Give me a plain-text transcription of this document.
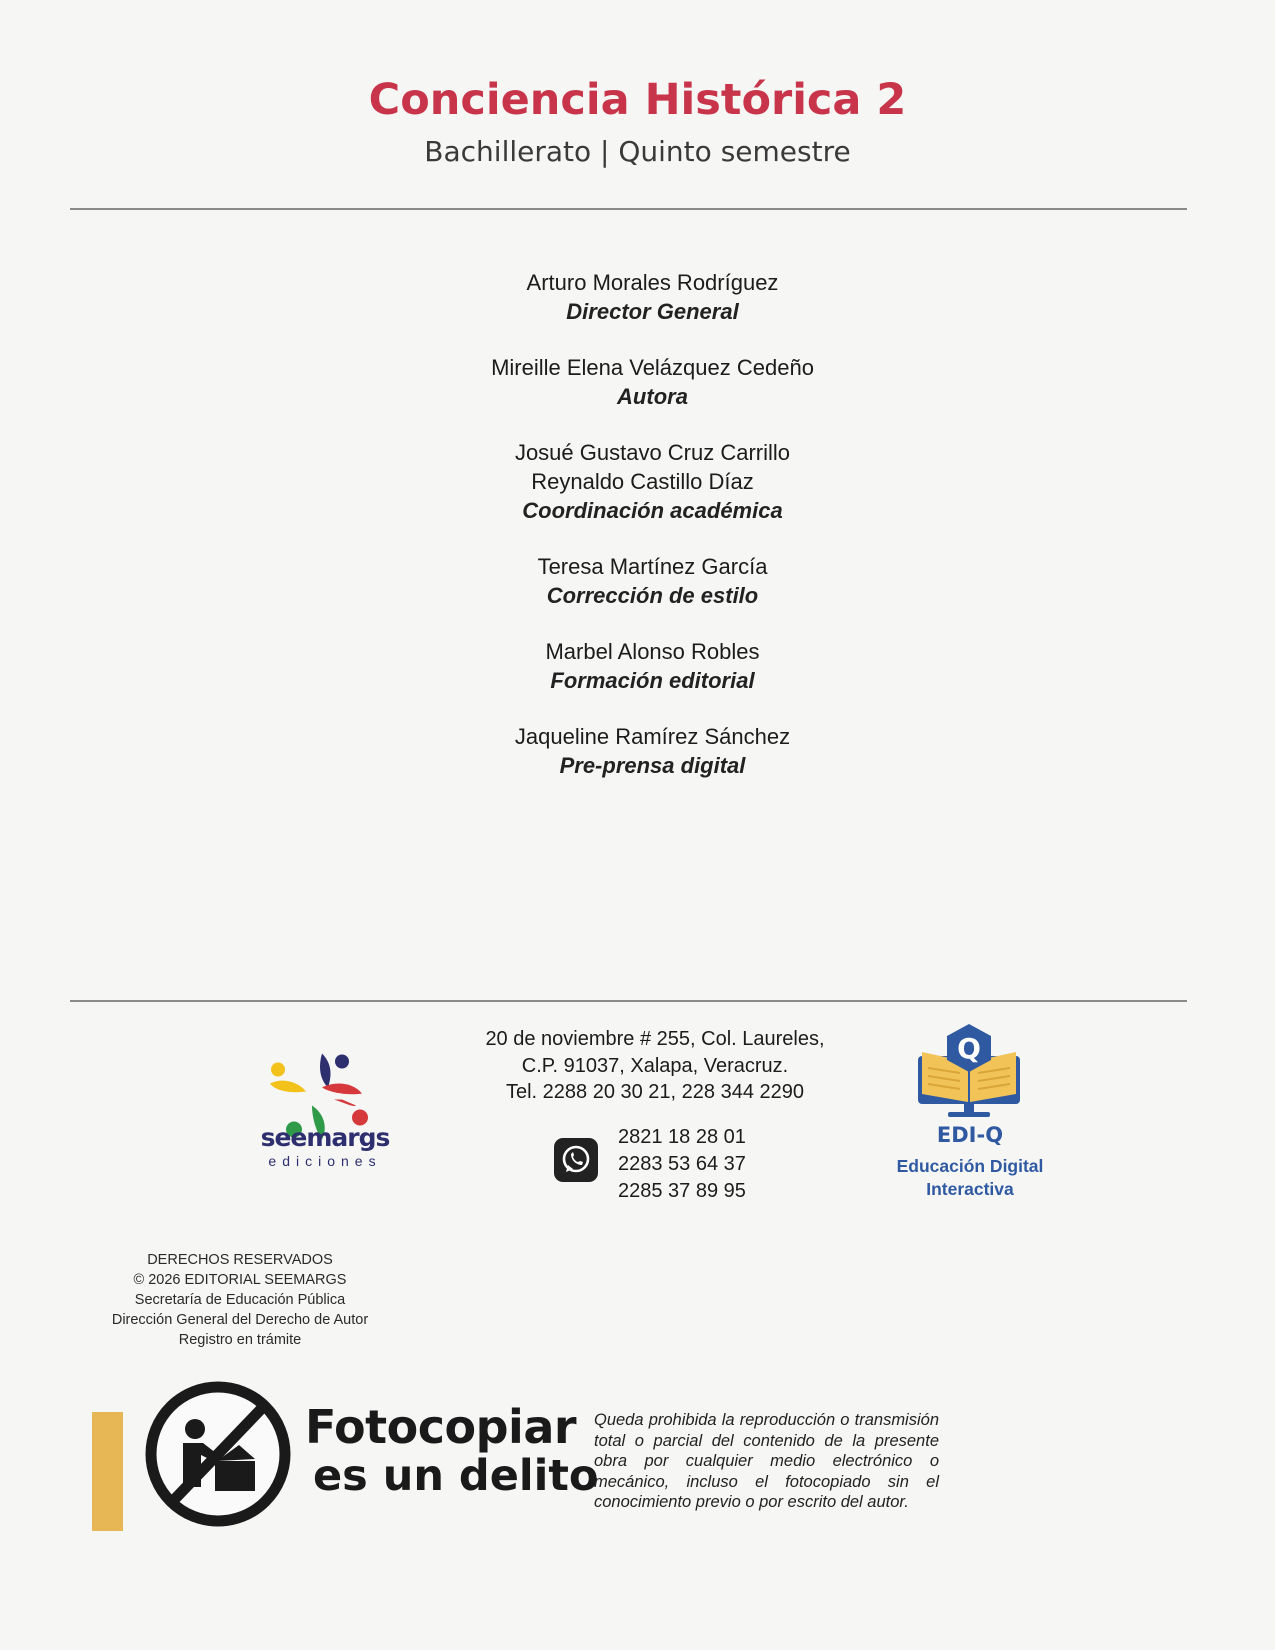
Conciencia Histórica 2
Bachillerato | Quinto semestre
Arturo Morales Rodríguez
Director General
Mireille Elena Velázquez Cedeño
Autora
Josué Gustavo Cruz Carrillo
Reynaldo Castillo Díaz
Coordinación académica
Teresa Martínez García
Corrección de estilo
Marbel Alonso Robles
Formación editorial
Jaqueline Ramírez Sánchez
Pre-prensa digital
seemargs
ediciones
20 de noviembre # 255, Col. Laureles,
C.P. 91037, Xalapa, Veracruz.
Tel. 2288 20 30 21, 228 344 2290
2821 18 28 01
2283 53 64 37
2285 37 89 95
Q
EDI-Q
Educación Digital
Interactiva
DERECHOS RESERVADOS
© 2026 EDITORIAL SEEMARGS
Secretaría de Educación Pública
Dirección General del Derecho de Autor
Registro en trámite
Fotocopiar
es un delito
Queda prohibida la reproducción o transmisión total o parcial del contenido de la presente obra por cualquier medio electrónico o mecánico, incluso el fotocopiado sin el conocimiento previo o por escrito del autor.
